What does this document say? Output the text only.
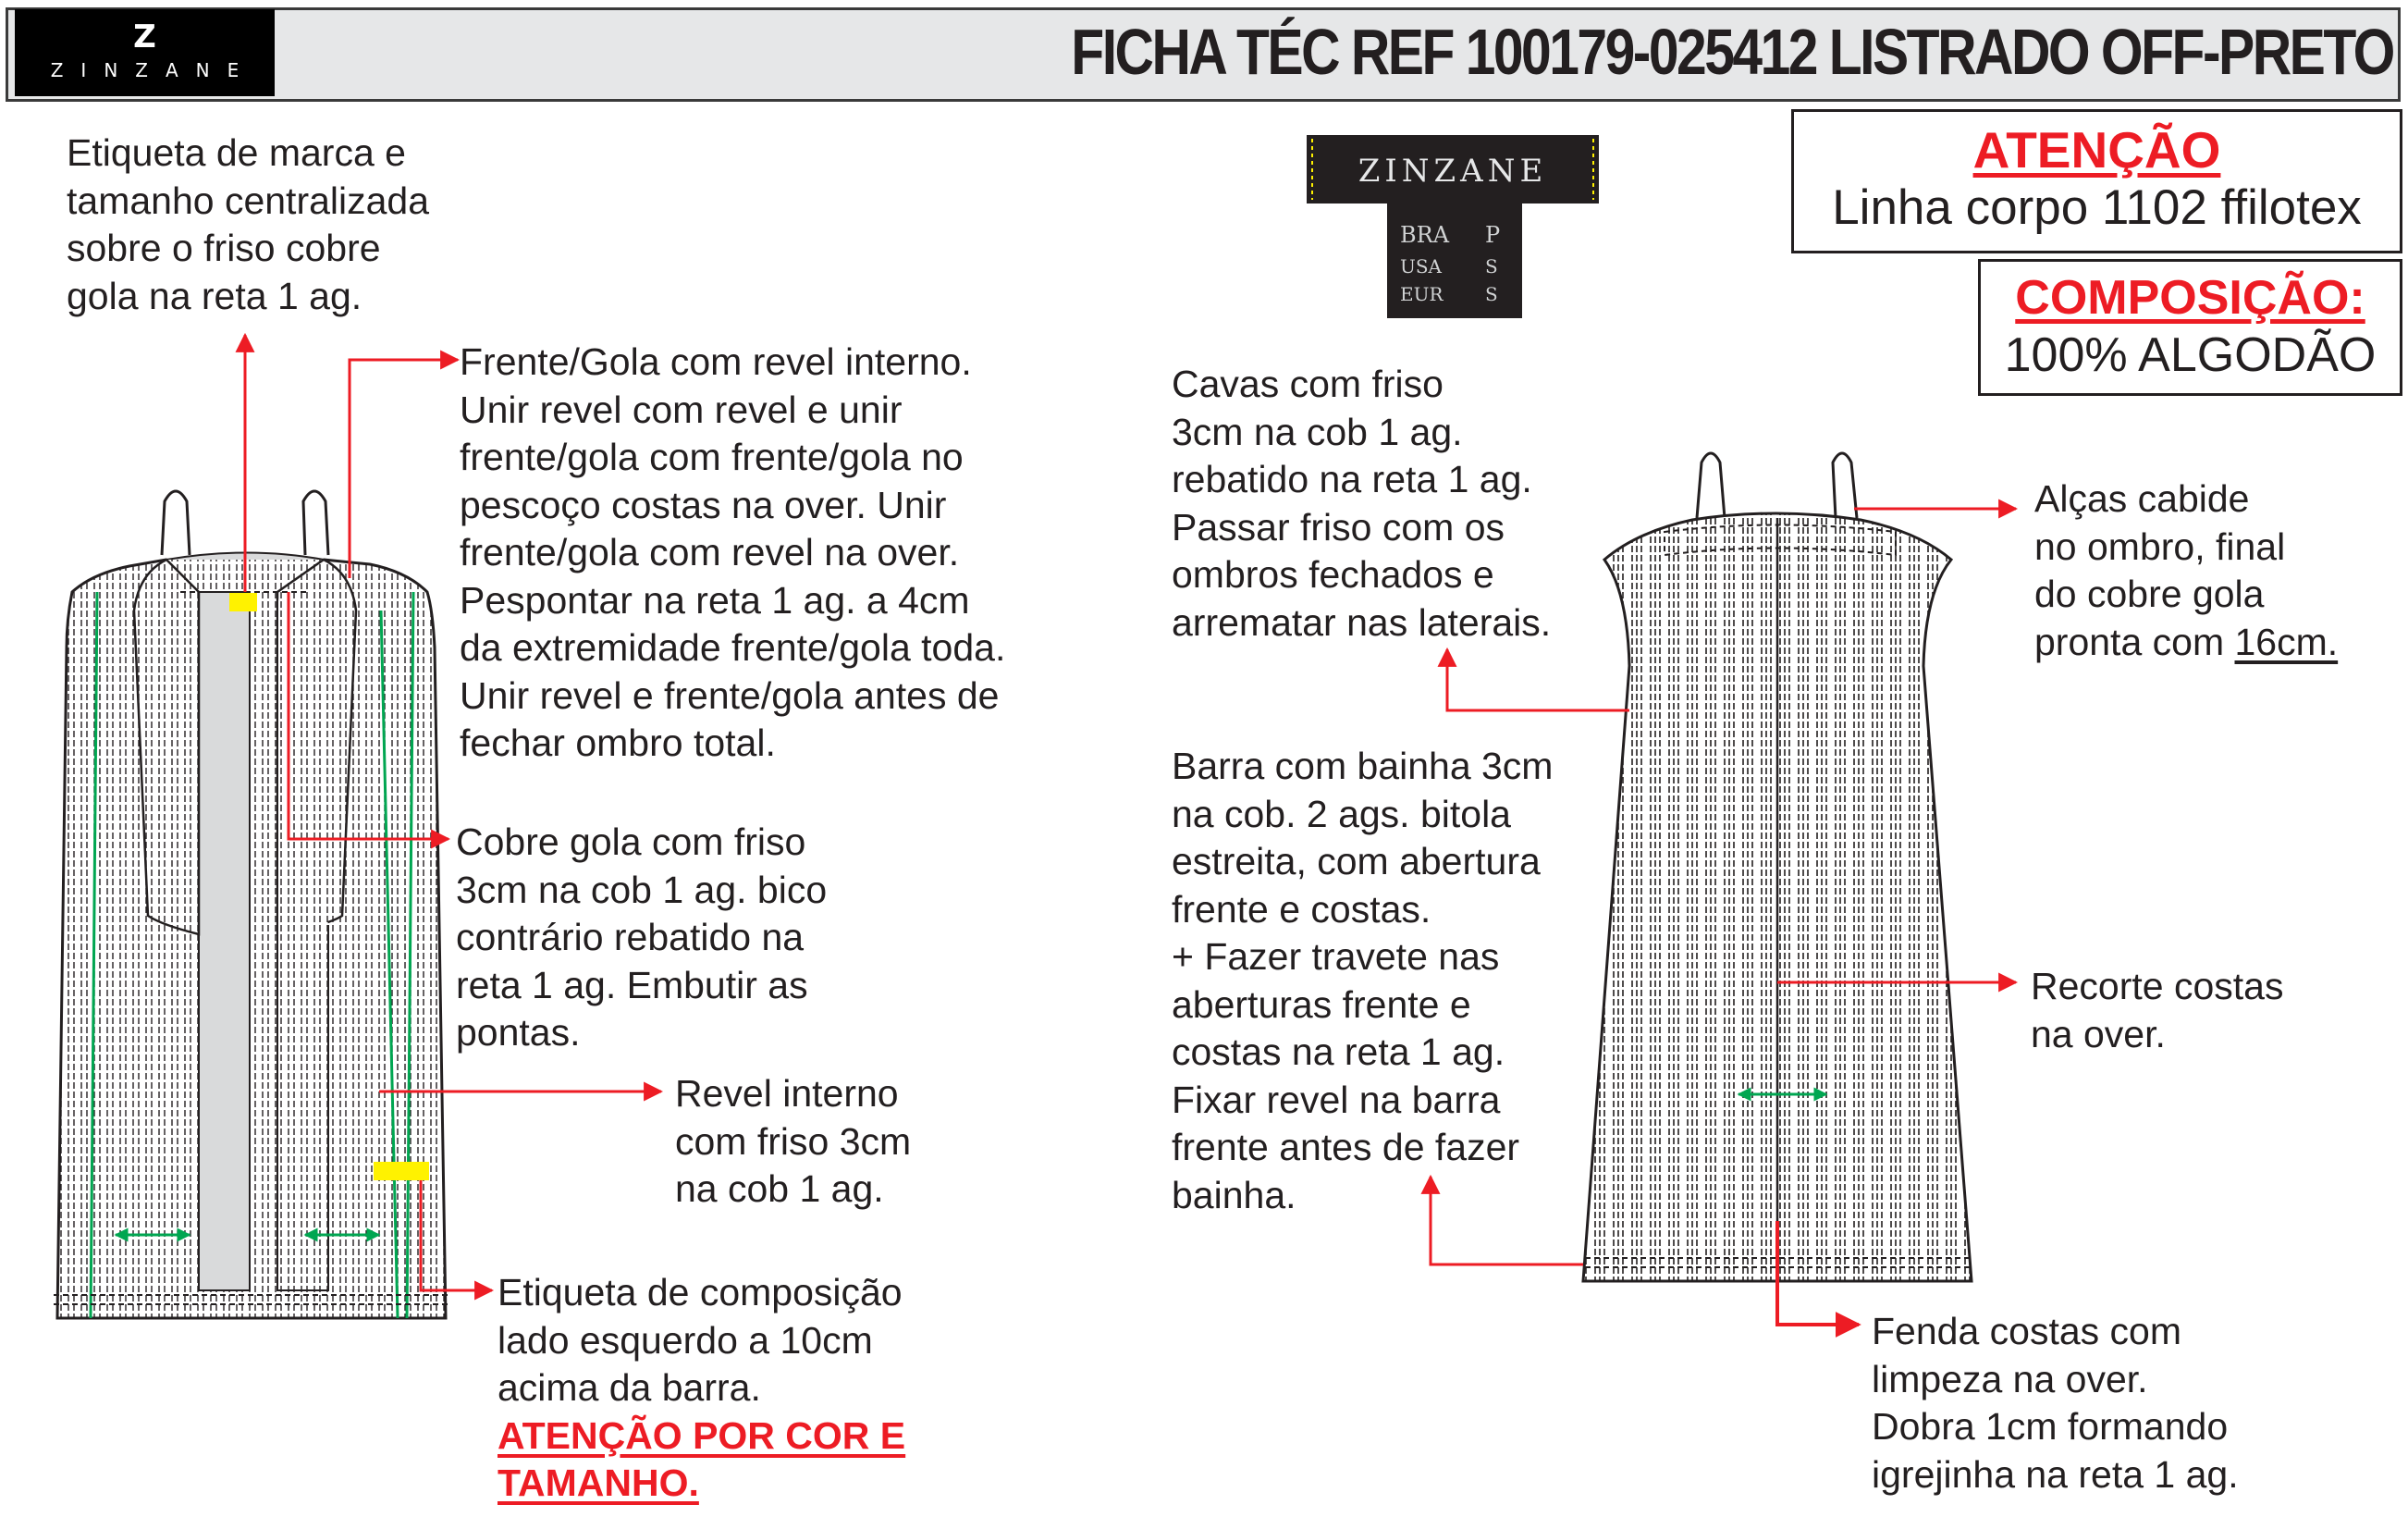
Z
ZINZANE	FICHA TÉC REF 100179-025412 LISTRADO OFF-PRETO
ATENÇÃO
Linha corpo 1102 ffilotex
COMPOSIÇÃO:
100% ALGODÃO
ZINZANE
BRA P
USA S
EUR S
Etiqueta de marca e
tamanho centralizada
sobre o friso cobre
gola na reta 1 ag.
Frente/Gola com revel interno.
Unir revel com revel e unir
frente/gola com frente/gola no
pescoço costas na over. Unir
frente/gola com revel na over.
Pespontar na reta 1 ag. a 4cm
da extremidade frente/gola toda.
Unir revel e frente/gola antes de
fechar ombro total.
Cobre gola com friso
3cm na cob 1 ag. bico
contrário rebatido na
reta 1 ag. Embutir as
pontas.
Revel interno
com friso 3cm
na cob 1 ag.
Etiqueta de composição
lado esquerdo a 10cm
acima da barra.
ATENÇÃO POR COR E
TAMANHO.
Cavas com friso
3cm na cob 1 ag.
rebatido na reta 1 ag.
Passar friso com os
ombros fechados e
arrematar nas laterais.
Barra com bainha 3cm
na cob. 2 ags. bitola
estreita, com abertura
frente e costas.
+ Fazer travete nas
aberturas frente e
costas na reta 1 ag.
Fixar revel na barra
frente antes de fazer
bainha.
Alças cabide
no ombro, final
do cobre gola
pronta com 16cm.
Recorte costas
na over.
Fenda costas com
limpeza na over.
Dobra 1cm formando
igrejinha na reta 1 ag.
